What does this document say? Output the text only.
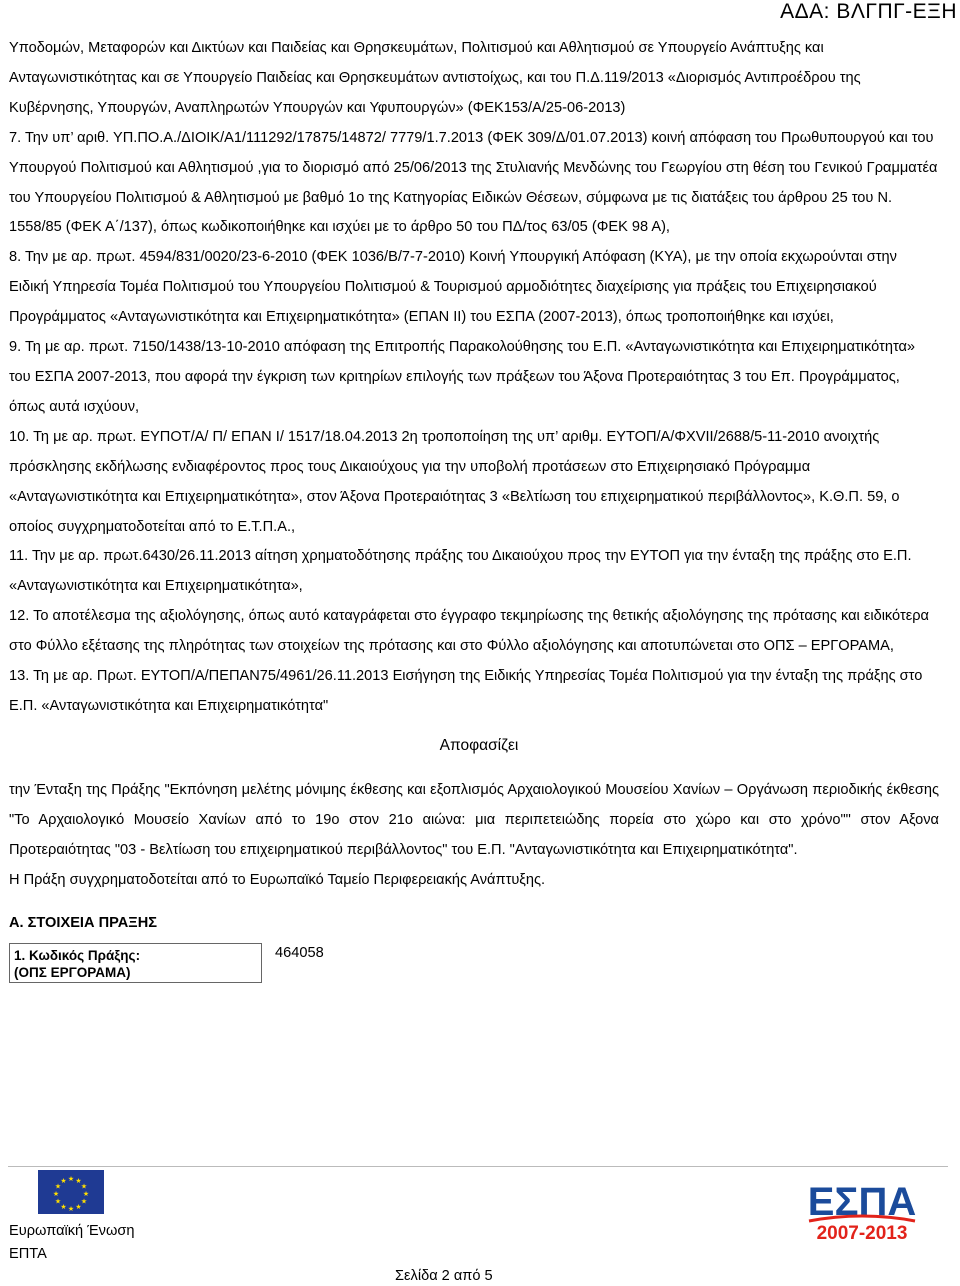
ΑΔΑ: ΒΛΓΠΓ-ΕΞΗ

Υποδομών, Μεταφορών και Δικτύων και Παιδείας και Θρησκευμάτων, Πολιτισμού και Αθλητισμού σε Υπουργείο Ανάπτυξης και Ανταγωνιστικότητας και σε Υπουργείο Παιδείας και Θρησκευμάτων αντιστοίχως, και του Π.Δ.119/2013 «Διορισμός Αντιπροέδρου της Κυβέρνησης, Υπουργών, Αναπληρωτών Υπουργών και Υφυπουργών» (ΦΕΚ153/Α/25-06-2013)

7. Την υπ’ αριθ. ΥΠ.ΠΟ.Α./ΔΙΟΙΚ/Α1/111292/17875/14872/ 7779/1.7.2013 (ΦΕΚ 309/Δ/01.07.2013) κοινή απόφαση του Πρωθυπουργού και του Υπουργού Πολιτισμού και Αθλητισμού ,για το διορισμό από 25/06/2013 της Στυλιανής Μενδώνης του Γεωργίου στη θέση του Γενικού Γραμματέα του Υπουργείου Πολιτισμού & Αθλητισμού με βαθμό 1ο της Κατηγορίας Ειδικών Θέσεων, σύμφωνα με τις διατάξεις του άρθρου 25 του Ν. 1558/85 (ΦΕΚ Α΄/137), όπως κωδικοποιήθηκε και ισχύει με το άρθρο 50 του ΠΔ/τος 63/05 (ΦΕΚ 98 Α),

8. Την με αρ. πρωτ. 4594/831/0020/23-6-2010 (ΦΕΚ 1036/Β/7-7-2010) Κοινή Υπουργική Απόφαση (ΚΥΑ), με την οποία εκχωρούνται στην Ειδική Υπηρεσία Τομέα Πολιτισμού του Υπουργείου Πολιτισμού & Τουρισμού αρμοδιότητες διαχείρισης για πράξεις του Επιχειρησιακού Προγράμματος «Ανταγωνιστικότητα και Επιχειρηματικότητα» (ΕΠΑΝ ΙΙ) του ΕΣΠΑ (2007-2013), όπως τροποποιήθηκε και ισχύει,

9. Τη με αρ. πρωτ. 7150/1438/13-10-2010 απόφαση της Επιτροπής Παρακολούθησης του Ε.Π. «Ανταγωνιστικότητα και Επιχειρηματικότητα» του ΕΣΠΑ 2007-2013, που αφορά την έγκριση των κριτηρίων επιλογής των πράξεων του Άξονα Προτεραιότητας 3 του Επ. Προγράμματος, όπως αυτά ισχύουν,

10. Τη με αρ. πρωτ. ΕΥΠΟΤ/Α/ Π/ ΕΠΑΝ Ι/ 1517/18.04.2013 2η τροποποίηση της υπ’ αριθμ. ΕΥΤΟΠ/Α/ΦΧVII/2688/5-11-2010 ανοιχτής πρόσκλησης εκδήλωσης ενδιαφέροντος προς τους Δικαιούχους για την υποβολή προτάσεων στο Επιχειρησιακό Πρόγραμμα «Ανταγωνιστικότητα και Επιχειρηματικότητα», στον Άξονα Προτεραιότητας 3 «Βελτίωση του επιχειρηματικού περιβάλλοντος», Κ.Θ.Π. 59, ο οποίος συγχρηματοδοτείται από το Ε.Τ.Π.Α.,

11. Την με αρ. πρωτ.6430/26.11.2013 αίτηση χρηματοδότησης πράξης του Δικαιούχου προς την ΕΥΤΟΠ για την ένταξη της πράξης στο Ε.Π. «Ανταγωνιστικότητα και Επιχειρηματικότητα»,

12. Το αποτέλεσμα της αξιολόγησης, όπως αυτό καταγράφεται στο έγγραφο τεκμηρίωσης της θετικής αξιολόγησης της πρότασης και ειδικότερα στο Φύλλο εξέτασης της πληρότητας των στοιχείων της πρότασης και στο Φύλλο αξιολόγησης και αποτυπώνεται στο ΟΠΣ – ΕΡΓΟΡΑΜΑ,

13. Τη με αρ. Πρωτ. ΕΥΤΟΠ/Α/ΠΕΠΑΝ75/4961/26.11.2013 Εισήγηση της Ειδικής Υπηρεσίας Τομέα Πολιτισμού για την ένταξη της πράξης στο Ε.Π. «Ανταγωνιστικότητα και Επιχειρηματικότητα"

Αποφασίζει

την Ένταξη της Πράξης "Εκπόνηση μελέτης μόνιμης έκθεσης και εξοπλισμός Αρχαιολογικού Μουσείου Χανίων – Οργάνωση περιοδικής έκθεσης "Το Αρχαιολογικό Μουσείο Χανίων από το 19ο στον 21ο αιώνα: μια περιπετειώδης πορεία στο χώρο και στο χρόνο"" στον Αξονα Προτεραιότητας "03 - Βελτίωση του επιχειρηματικού περιβάλλοντος" του Ε.Π. "Ανταγωνιστικότητα και Επιχειρηματικότητα".

Η Πράξη συγχρηματοδοτείται από το Ευρωπαϊκό Ταμείο Περιφερειακής Ανάπτυξης.

Α. ΣΤΟΙΧΕΙΑ ΠΡΑΞΗΣ

1. Κωδικός Πράξης:
(ΟΠΣ ΕΡΓΟΡΑΜΑ)
464058
★ ★
★
★
★
★
★
★
★
★
★
★
Ευρωπαϊκή Ένωση
ΕΠΤΑ
ΕΣΠΑ
2007-2013
Σελίδα 2 από 5
